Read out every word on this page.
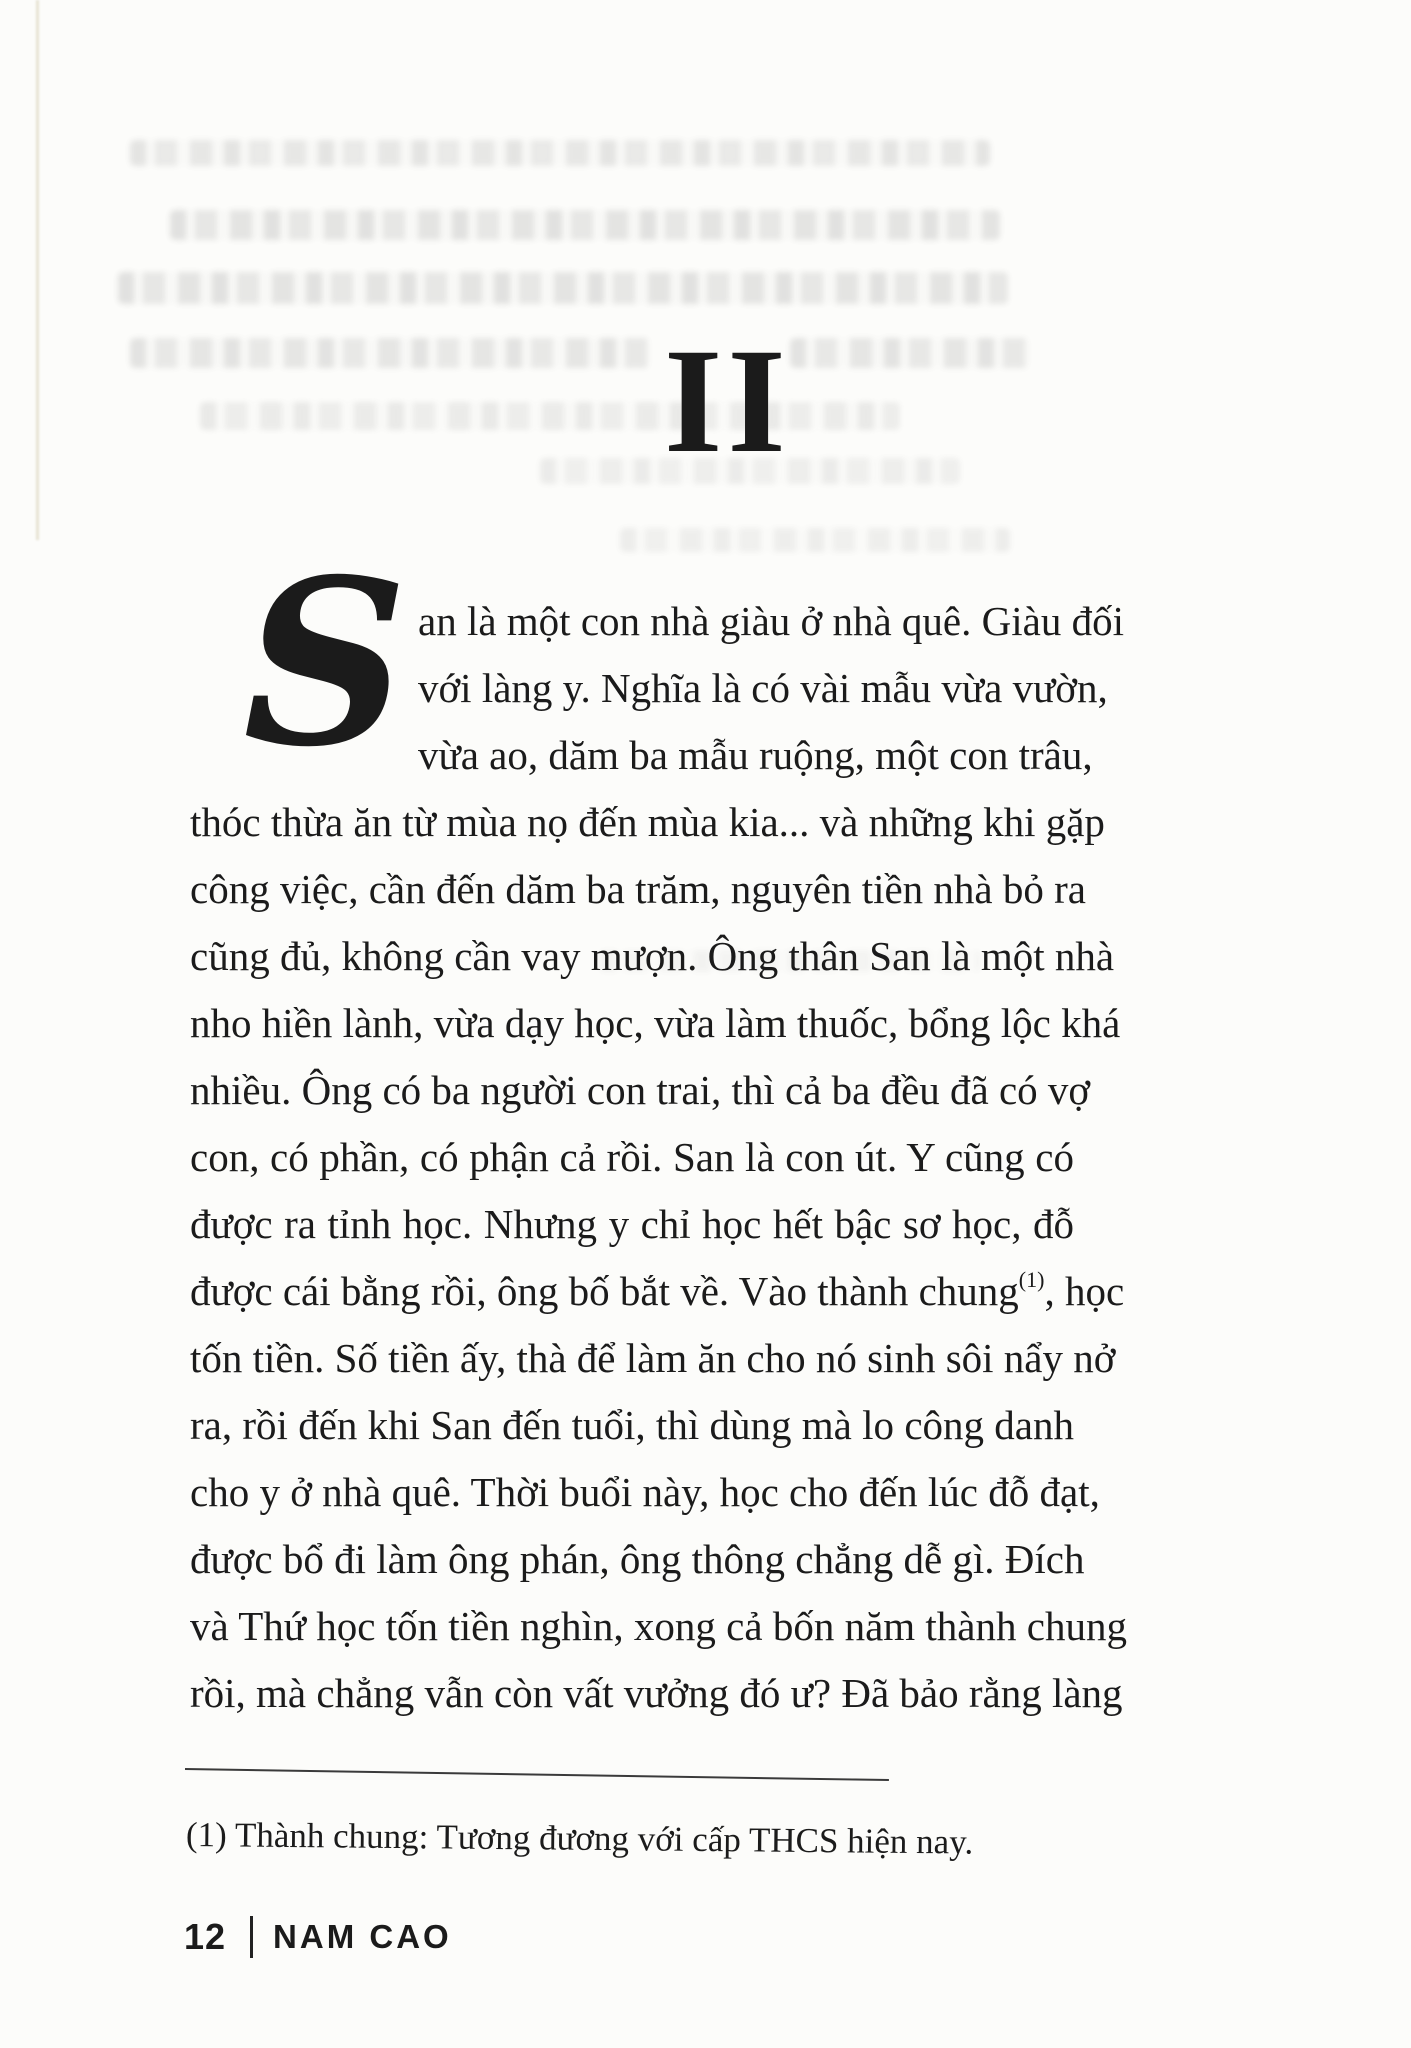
II
S an là một con nhà giàu ở nhà quê. Giàu đối
với làng y. Nghĩa là có vài mẫu vừa vườn,
vừa ao, dăm ba mẫu ruộng, một con trâu,
thóc thừa ăn từ mùa nọ đến mùa kia... và những khi gặp
công việc, cần đến dăm ba trăm, nguyên tiền nhà bỏ ra
cũng đủ, không cần vay mượn. Ông thân San là một nhà
nho hiền lành, vừa dạy học, vừa làm thuốc, bổng lộc khá
nhiều. Ông có ba người con trai, thì cả ba đều đã có vợ
con, có phần, có phận cả rồi. San là con út. Y cũng có
được ra tỉnh học. Nhưng y chỉ học hết bậc sơ học, đỗ
được cái bằng rồi, ông bố bắt về. Vào thành chung$^{(1)}$, học
tốn tiền. Số tiền ấy, thà để làm ăn cho nó sinh sôi nẩy nở
ra, rồi đến khi San đến tuổi, thì dùng mà lo công danh
cho y ở nhà quê. Thời buổi này, học cho đến lúc đỗ đạt,
được bổ đi làm ông phán, ông thông chẳng dễ gì. Đích
và Thứ học tốn tiền nghìn, xong cả bốn năm thành chung
rồi, mà chẳng vẫn còn vất vưởng đó ư? Đã bảo rằng làng
(1) Thành chung: Tương đương với cấp THCS hiện nay.
12 NAM CAO
